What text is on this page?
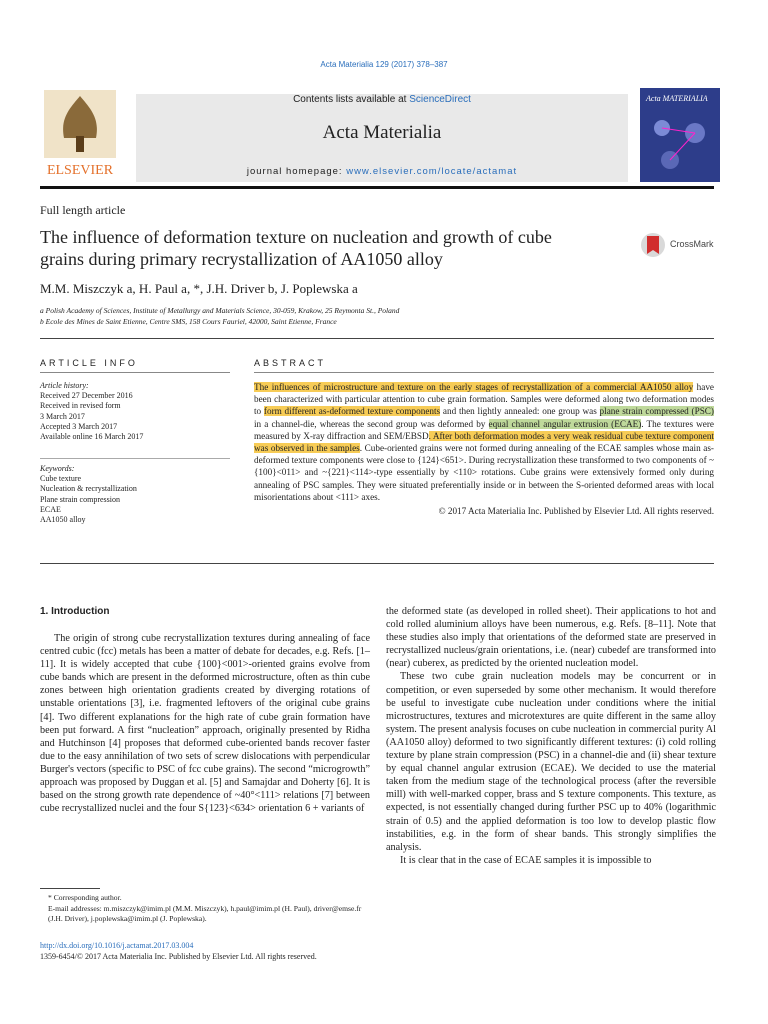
Acta Materialia 129 (2017) 378–387
ELSEVIER
Contents lists available at ScienceDirect
Acta Materialia
journal homepage: www.elsevier.com/locate/actamat
Acta MATERIALIA
Full length article
The influence of deformation texture on nucleation and growth of cube grains during primary recrystallization of AA1050 alloy
CrossMark
M.M. Miszczyk a, H. Paul a, *, J.H. Driver b, J. Poplewska a
a Polish Academy of Sciences, Institute of Metallurgy and Materials Science, 30-059, Krakow, 25 Reymonta St., Poland
b Ecole des Mines de Saint Etienne, Centre SMS, 158 Cours Fauriel, 42000, Saint Etienne, France
ARTICLE INFO
Article history:
Received 27 December 2016
Received in revised form
3 March 2017
Accepted 3 March 2017
Available online 16 March 2017
Keywords:
Cube texture
Nucleation & recrystallization
Plane strain compression
ECAE
AA1050 alloy
ABSTRACT
The influences of microstructure and texture on the early stages of recrystallization of a commercial AA1050 alloy have been characterized with particular attention to cube grain formation. Samples were deformed along two deformation modes to form different as-deformed texture components and then lightly annealed: one group was plane strain compressed (PSC) in a channel-die, whereas the second group was deformed by equal channel angular extrusion (ECAE). The textures were measured by X-ray diffraction and SEM/EBSD. After both deformation modes a very weak residual cube texture component was observed in the samples. Cube-oriented grains were not formed during annealing of the ECAE samples whose main as-deformed texture components were close to {124}<651>. During recrystallization these transformed to two components of ~{100}<011> and ~{221}<114>-type essentially by <110> rotations. Cube grains were extensively formed only during annealing of PSC samples. They were situated preferentially inside or in between the S-oriented deformed areas with local misorientations about <111> axes.
© 2017 Acta Materialia Inc. Published by Elsevier Ltd. All rights reserved.
1. Introduction

The origin of strong cube recrystallization textures during annealing of face centred cubic (fcc) metals has been a matter of debate for decades, e.g. Refs. [1–11]. It is widely accepted that cube {100}<001>-oriented grains evolve from cube bands which are present in the deformed microstructure, often as thin cube zones between high orientation gradients created by diverging rotations of unstable orientations [3], i.e. fragmented leftovers of the original cube grains [4]. Two different explanations for the high rate of cube grain formation have been put forward. A first “nucleation” approach, originally presented by Ridha and Hutchinson [4] proposes that deformed cube-oriented bands recover faster due to the easy annihilation of two sets of screw dislocations with perpendicular Burger's vectors (specific to PSC of fcc cube grains). The second “microgrowth” approach was proposed by Duggan et al. [5] and Samajdar and Doherty [6]. It is based on the strong growth rate dependence of ~40°<111> relations [7] between cube recrystallized nuclei and the four S{123}<634> orientation 6 + variants of

the deformed state (as developed in rolled sheet). Their applications to hot and cold rolled aluminium alloys have been numerous, e.g. Refs. [8–11]. Note that these studies also imply that orientations of the deformed state are preserved in recrystallized nucleus/grain orientations, i.e. (near) cubedef are transformed into (near) cuberex, as predicted by the oriented nucleation model.

These two cube grain nucleation models may be concurrent or in competition, or even superseded by some other mechanism. It would therefore be useful to investigate cube nucleation under conditions where the initial microstructures, textures and microtextures are quite different in the same alloy system. The present analysis focuses on cube nucleation in commercial purity Al (AA1050 alloy) deformed to two significantly different textures: (i) cold rolling texture by plane strain compression (PSC) in a channel-die and (ii) shear texture by equal channel angular extrusion (ECAE). We decided to use the material taken from the medium stage of the technological process (after the reversible mill) with well-marked copper, brass and S texture components. This texture, as expected, is not essentially changed during further PSC up to 40% (logarithmic strain of 0.5) and the applied deformation is too low to develop plastic flow instabilities, e.g. in the form of shear bands. This strongly simplifies the analysis.

It is clear that in the case of ECAE samples it is impossible to

* Corresponding author.
E-mail addresses: m.miszczyk@imim.pl (M.M. Miszczyk), h.paul@imim.pl (H. Paul), driver@emse.fr (J.H. Driver), j.poplewska@imim.pl (J. Poplewska).
http://dx.doi.org/10.1016/j.actamat.2017.03.004
1359-6454/© 2017 Acta Materialia Inc. Published by Elsevier Ltd. All rights reserved.
